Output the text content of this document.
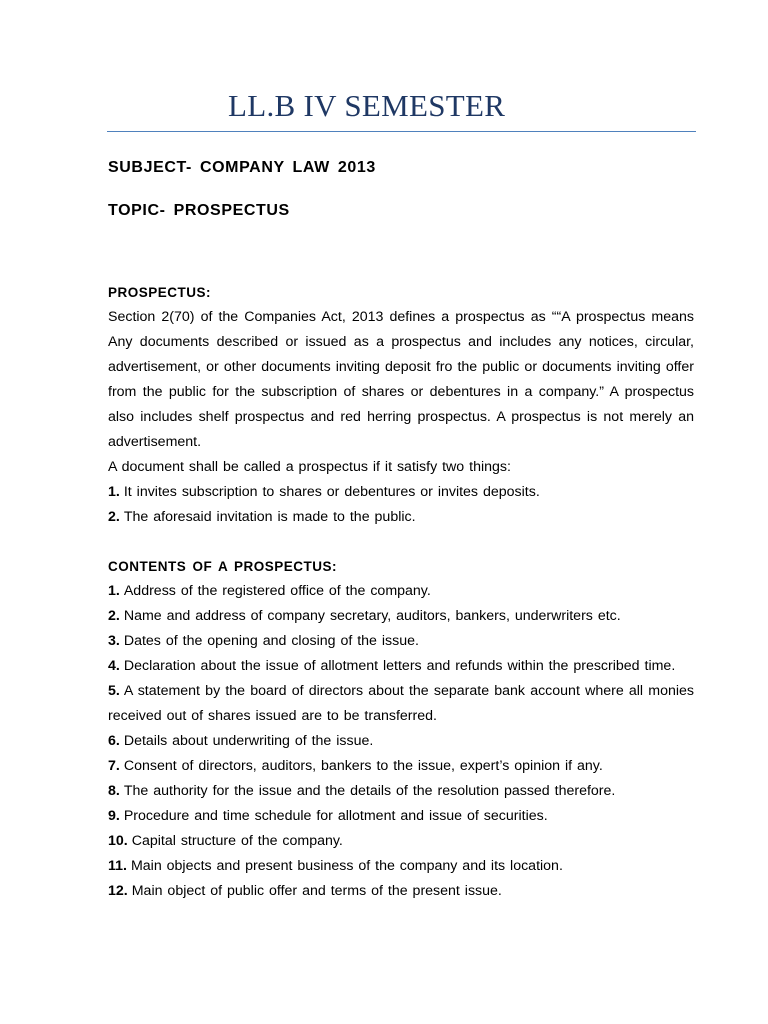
LL.B IV SEMESTER
SUBJECT- COMPANY LAW 2013
TOPIC- PROSPECTUS
PROSPECTUS:
Section 2(70) of the Companies Act, 2013 defines a prospectus as ““A prospectus means Any documents described or issued as a prospectus and includes any notices, circular, advertisement, or other documents inviting deposit fro the public or documents inviting offer from the public for the subscription of shares or debentures in a company.” A prospectus also includes shelf prospectus and red herring prospectus. A prospectus is not merely an advertisement.
A document shall be called a prospectus if it satisfy two things:
1. It invites subscription to shares or debentures or invites deposits.
2. The aforesaid invitation is made to the public.
CONTENTS OF A PROSPECTUS:
1. Address of the registered office of the company.
2. Name and address of company secretary, auditors, bankers, underwriters etc.
3. Dates of the opening and closing of the issue.
4. Declaration about the issue of allotment letters and refunds within the prescribed time.
5. A statement by the board of directors about the separate bank account where all monies received out of shares issued are to be transferred.
6. Details about underwriting of the issue.
7. Consent of directors, auditors, bankers to the issue, expert’s opinion if any.
8. The authority for the issue and the details of the resolution passed therefore.
9. Procedure and time schedule for allotment and issue of securities.
10. Capital structure of the company.
11. Main objects and present business of the company and its location.
12. Main object of public offer and terms of the present issue.
